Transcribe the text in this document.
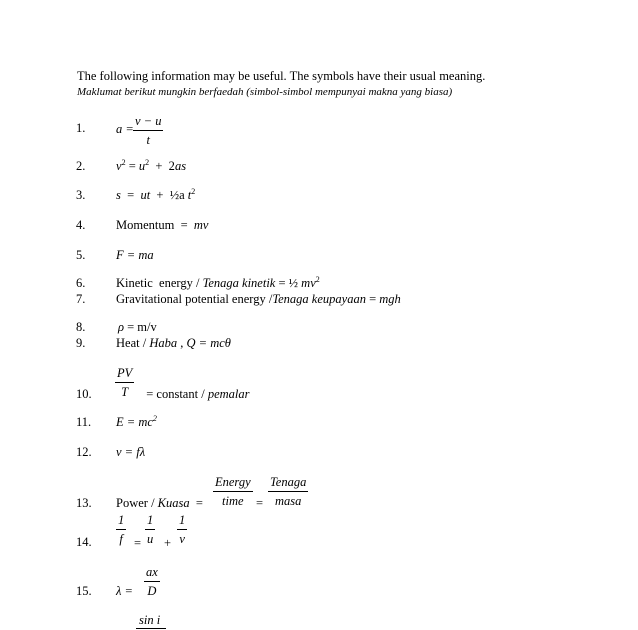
The following information may be useful. The symbols have their usual meaning.
Maklumat berikut mungkin berfaedah (simbol-simbol mempunyai makna yang biasa)
1.
2.
3.
4.
5.
6.
7.
8.
9.
10.
11.
12.
13.
14.
15.
$a = \frac{v - u}{t}$
$v^2 = u^2 + 2as$
s  =  ut  +  ½a $t^2$
Momentum  =  mv
F = ma
Kinetic  energy / Tenaga kinetik = ½ $mv^2$
Gravitational potential energy /Tenaga keupayaan = mgh
ρ = m/v
Heat / Haba , Q = mcθ
$\frac{PV}{T}$ = constant / pemalar
$E = mc^2$
v = fλ
Power / Kuasa  =
Energy
time =
Tenaga
masa
$\frac{1}{f} = \frac{1}{u} + \frac{1}{v}$
$\lambda = \frac{ax}{D}$
sin i
